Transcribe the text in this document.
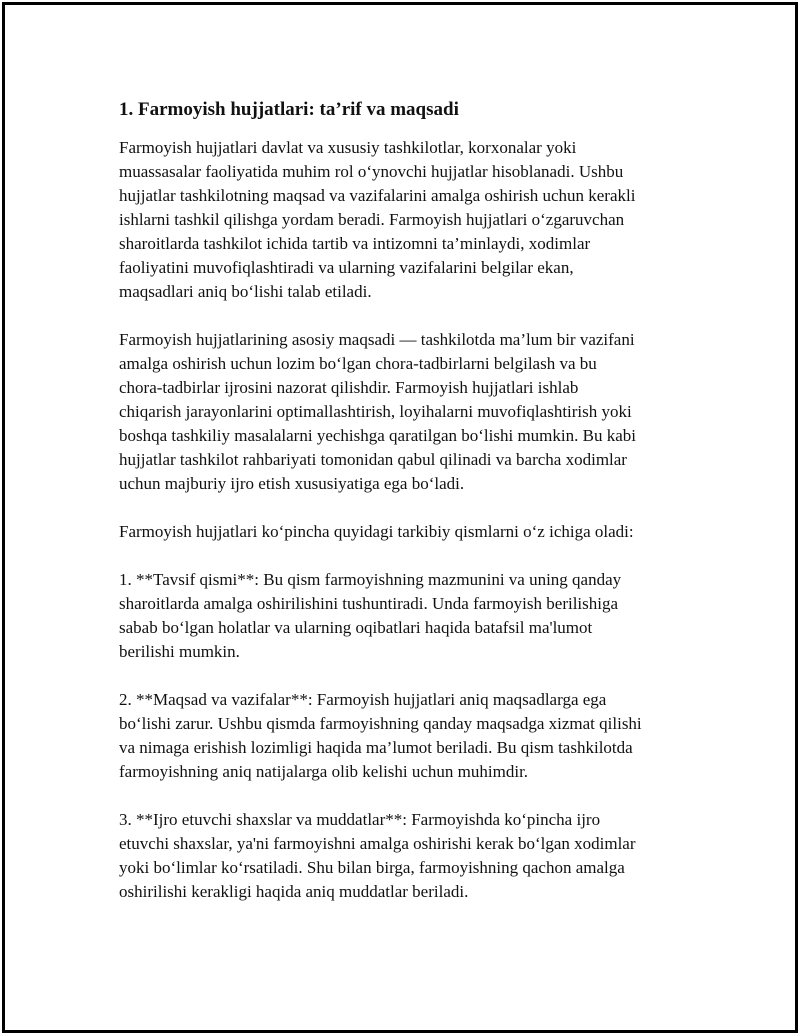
1. Farmoyish hujjatlari: ta’rif va maqsadi

Farmoyish hujjatlari davlat va xususiy tashkilotlar, korxonalar yoki
muassasalar faoliyatida muhim rol o‘ynovchi hujjatlar hisoblanadi. Ushbu
hujjatlar tashkilotning maqsad va vazifalarini amalga oshirish uchun kerakli
ishlarni tashkil qilishga yordam beradi. Farmoyish hujjatlari o‘zgaruvchan
sharoitlarda tashkilot ichida tartib va intizomni ta’minlaydi, xodimlar
faoliyatini muvofiqlashtiradi va ularning vazifalarini belgilar ekan,
maqsadlari aniq bo‘lishi talab etiladi.

Farmoyish hujjatlarining asosiy maqsadi — tashkilotda ma’lum bir vazifani
amalga oshirish uchun lozim bo‘lgan chora-tadbirlarni belgilash va bu
chora-tadbirlar ijrosini nazorat qilishdir. Farmoyish hujjatlari ishlab
chiqarish jarayonlarini optimallashtirish, loyihalarni muvofiqlashtirish yoki
boshqa tashkiliy masalalarni yechishga qaratilgan bo‘lishi mumkin. Bu kabi
hujjatlar tashkilot rahbariyati tomonidan qabul qilinadi va barcha xodimlar
uchun majburiy ijro etish xususiyatiga ega bo‘ladi.

Farmoyish hujjatlari ko‘pincha quyidagi tarkibiy qismlarni o‘z ichiga oladi:

1. **Tavsif qismi**: Bu qism farmoyishning mazmunini va uning qanday
sharoitlarda amalga oshirilishini tushuntiradi. Unda farmoyish berilishiga
sabab bo‘lgan holatlar va ularning oqibatlari haqida batafsil ma'lumot
berilishi mumkin.

2. **Maqsad va vazifalar**: Farmoyish hujjatlari aniq maqsadlarga ega
bo‘lishi zarur. Ushbu qismda farmoyishning qanday maqsadga xizmat qilishi
va nimaga erishish lozimligi haqida ma’lumot beriladi. Bu qism tashkilotda
farmoyishning aniq natijalarga olib kelishi uchun muhimdir.

3. **Ijro etuvchi shaxslar va muddatlar**: Farmoyishda ko‘pincha ijro
etuvchi shaxslar, ya'ni farmoyishni amalga oshirishi kerak bo‘lgan xodimlar
yoki bo‘limlar ko‘rsatiladi. Shu bilan birga, farmoyishning qachon amalga
oshirilishi kerakligi haqida aniq muddatlar beriladi.
